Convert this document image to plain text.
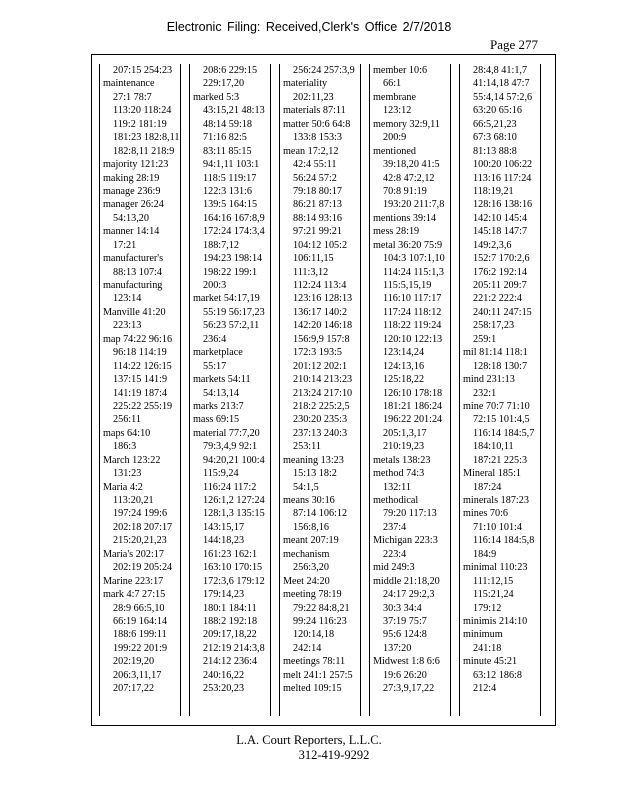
Electronic Filing: Received,Clerk's Office 2/7/2018
Page 277
207:15 254:23
maintenance
27:1 78:7
113:20 118:24
119:2 181:19
181:23 182:8,11
182:8,11 218:9
majority 121:23
making 28:19
manage 236:9
manager 26:24
54:13,20
manner 14:14
17:21
manufacturer's
88:13 107:4
manufacturing
123:14
Manville 41:20
223:13
map 74:22 96:16
96:18 114:19
114:22 126:15
137:15 141:9
141:19 187:4
225:22 255:19
256:11
maps 64:10
186:3
March 123:22
131:23
Maria 4:2
113:20,21
197:24 199:6
202:18 207:17
215:20,21,23
Maria's 202:17
202:19 205:24
Marine 223:17
mark 4:7 27:15
28:9 66:5,10
66:19 164:14
188:6 199:11
199:22 201:9
202:19,20
206:3,11,17
207:17,22
208:6 229:15
229:17,20
marked 5:3
43:15,21 48:13
48:14 59:18
71:16 82:5
83:11 85:15
94:1,11 103:1
118:5 119:17
122:3 131:6
139:5 164:15
164:16 167:8,9
172:24 174:3,4
188:7,12
194:23 198:14
198:22 199:1
200:3
market 54:17,19
55:19 56:17,23
56:23 57:2,11
236:4
marketplace
55:17
markets 54:11
54:13,14
marks 213:7
mass 69:15
material 77:7,20
79:3,4,9 92:1
94:20,21 100:4
115:9,24
116:24 117:2
126:1,2 127:24
128:1,3 135:15
143:15,17
144:18,23
161:23 162:1
163:10 170:15
172:3,6 179:12
179:14,23
180:1 184:11
188:2 192:18
209:17,18,22
212:19 214:3,8
214:12 236:4
240:16,22
253:20,23
256:24 257:3,9
materiality
202:11,23
materials 87:11
matter 50:6 64:8
133:8 153:3
mean 17:2,12
42:4 55:11
56:24 57:2
79:18 80:17
86:21 87:13
88:14 93:16
97:21 99:21
104:12 105:2
106:11,15
111:3,12
112:24 113:4
123:16 128:13
136:17 140:2
142:20 146:18
156:9,9 157:8
172:3 193:5
201:12 202:1
210:14 213:23
213:24 217:10
218:2 225:2,5
230:20 235:3
237:13 240:3
253:11
meaning 13:23
15:13 18:2
54:1,5
means 30:16
87:14 106:12
156:8,16
meant 207:19
mechanism
256:3,20
Meet 24:20
meeting 78:19
79:22 84:8,21
99:24 116:23
120:14,18
242:14
meetings 78:11
melt 241:1 257:5
melted 109:15
member 10:6
66:1
membrane
123:12
memory 32:9,11
200:9
mentioned
39:18,20 41:5
42:8 47:2,12
70:8 91:19
193:20 211:7,8
mentions 39:14
mess 28:19
metal 36:20 75:9
104:3 107:1,10
114:24 115:1,3
115:5,15,19
116:10 117:17
117:24 118:12
118:22 119:24
120:10 122:13
123:14,24
124:13,16
125:18,22
126:10 178:18
181:21 186:24
196:22 201:24
205:1,3,17
210:19,23
metals 138:23
method 74:3
132:11
methodical
79:20 117:13
237:4
Michigan 223:3
223:4
mid 249:3
middle 21:18,20
24:17 29:2,3
30:3 34:4
37:19 75:7
95:6 124:8
137:20
Midwest 1:8 6:6
19:6 26:20
27:3,9,17,22
28:4,8 41:1,7
41:14,18 47:7
55:4,14 57:2,6
63:20 65:16
66:5,21,23
67:3 68:10
81:13 88:8
100:20 106:22
113:16 117:24
118:19,21
128:16 138:16
142:10 145:4
145:18 147:7
149:2,3,6
152:7 170:2,6
176:2 192:14
205:11 209:7
221:2 222:4
240:11 247:15
258:17,23
259:1
mil 81:14 118:1
128:18 130:7
mind 231:13
232:1
mine 70:7 71:10
72:15 101:4,5
116:14 184:5,7
184:10,11
187:21 225:3
Mineral 185:1
187:24
minerals 187:23
mines 70:6
71:10 101:4
116:14 184:5,8
184:9
minimal 110:23
111:12,15
115:21,24
179:12
minimis 214:10
minimum
241:18
minute 45:21
63:12 186:8
212:4
L.A. Court Reporters, L.L.C.
312-419-9292
